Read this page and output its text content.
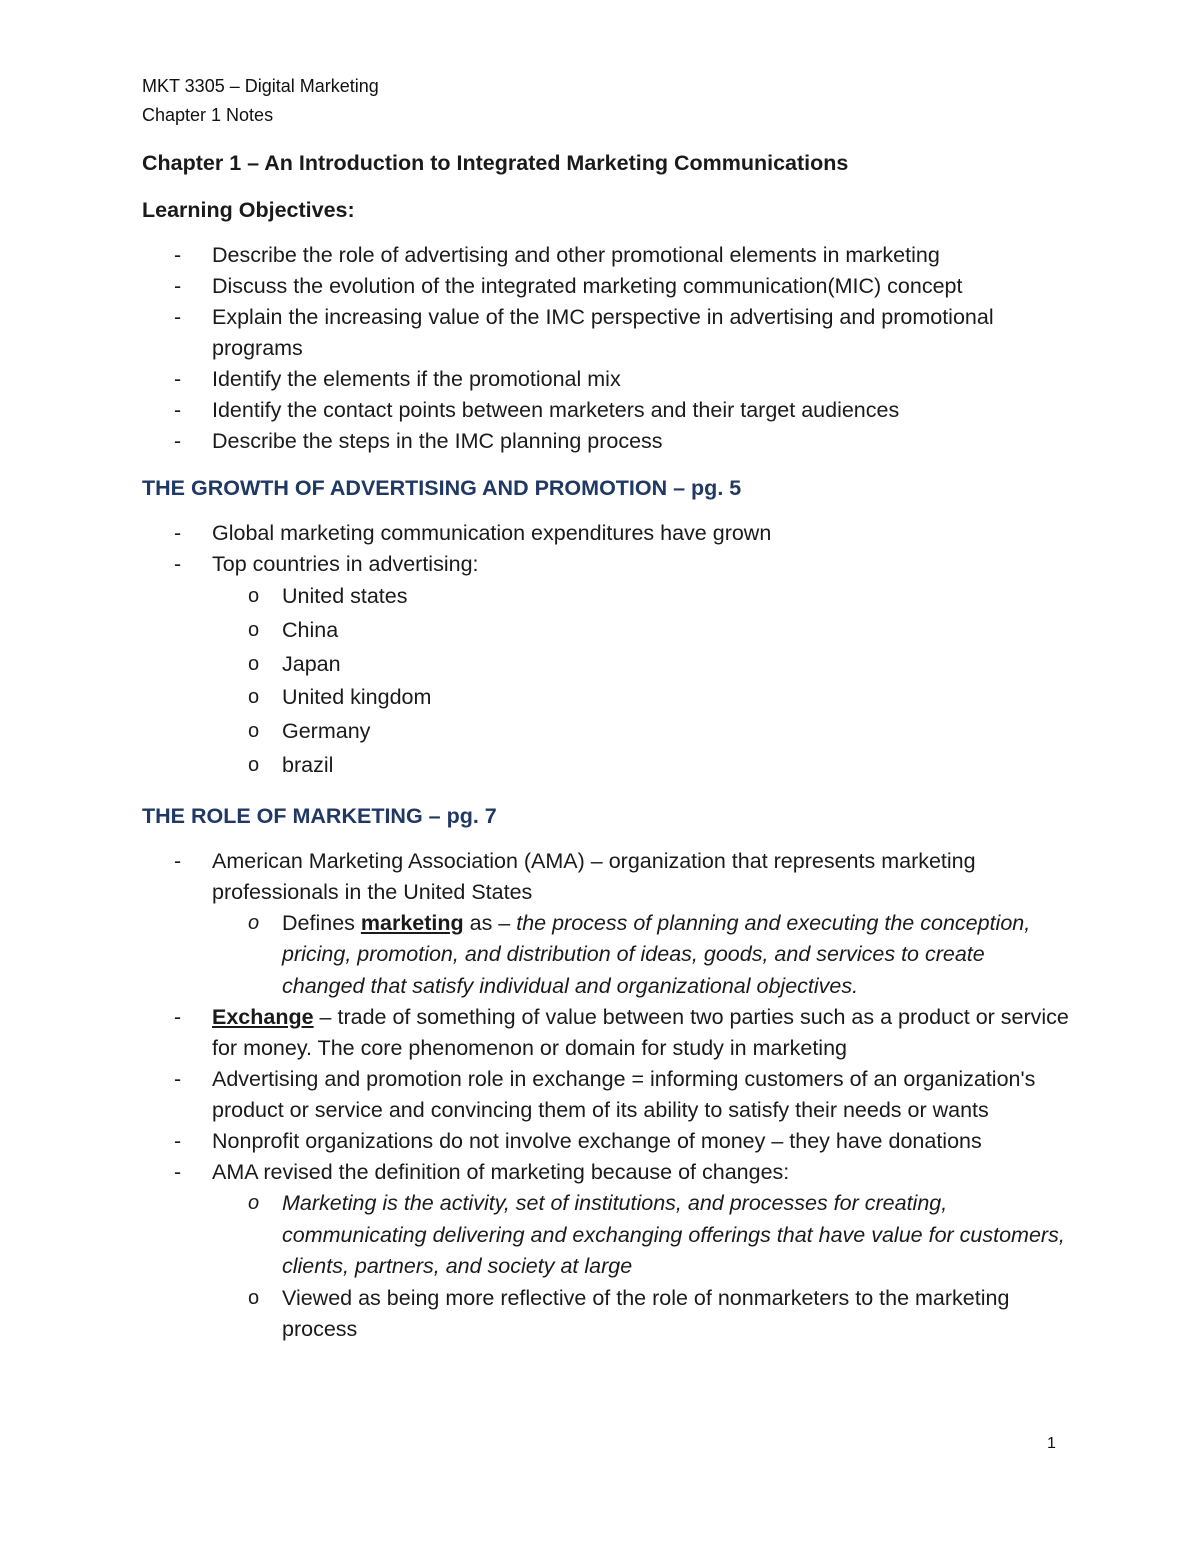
MKT 3305 – Digital Marketing
Chapter 1 Notes
Chapter 1 – An Introduction to Integrated Marketing Communications
Learning Objectives:
- Describe the role of advertising and other promotional elements in marketing
- Discuss the evolution of the integrated marketing communication(MIC) concept
- Explain the increasing value of the IMC perspective in advertising and promotional programs
- Identify the elements if the promotional mix
- Identify the contact points between marketers and their target audiences
- Describe the steps in the IMC planning process
THE GROWTH OF ADVERTISING AND PROMOTION – pg. 5
- Global marketing communication expenditures have grown
- Top countries in advertising:
o United states
o China
o Japan
o United kingdom
o Germany
o brazil
THE ROLE OF MARKETING – pg. 7
- American Marketing Association (AMA) – organization that represents marketing professionals in the United States
o Defines marketing as – the process of planning and executing the conception, pricing, promotion, and distribution of ideas, goods, and services to create changed that satisfy individual and organizational objectives.
- Exchange – trade of something of value between two parties such as a product or service for money. The core phenomenon or domain for study in marketing
- Advertising and promotion role in exchange = informing customers of an organization's product or service and convincing them of its ability to satisfy their needs or wants
- Nonprofit organizations do not involve exchange of money – they have donations
- AMA revised the definition of marketing because of changes:
o Marketing is the activity, set of institutions, and processes for creating, communicating delivering and exchanging offerings that have value for customers, clients, partners, and society at large
o Viewed as being more reflective of the role of nonmarketers to the marketing process
1
